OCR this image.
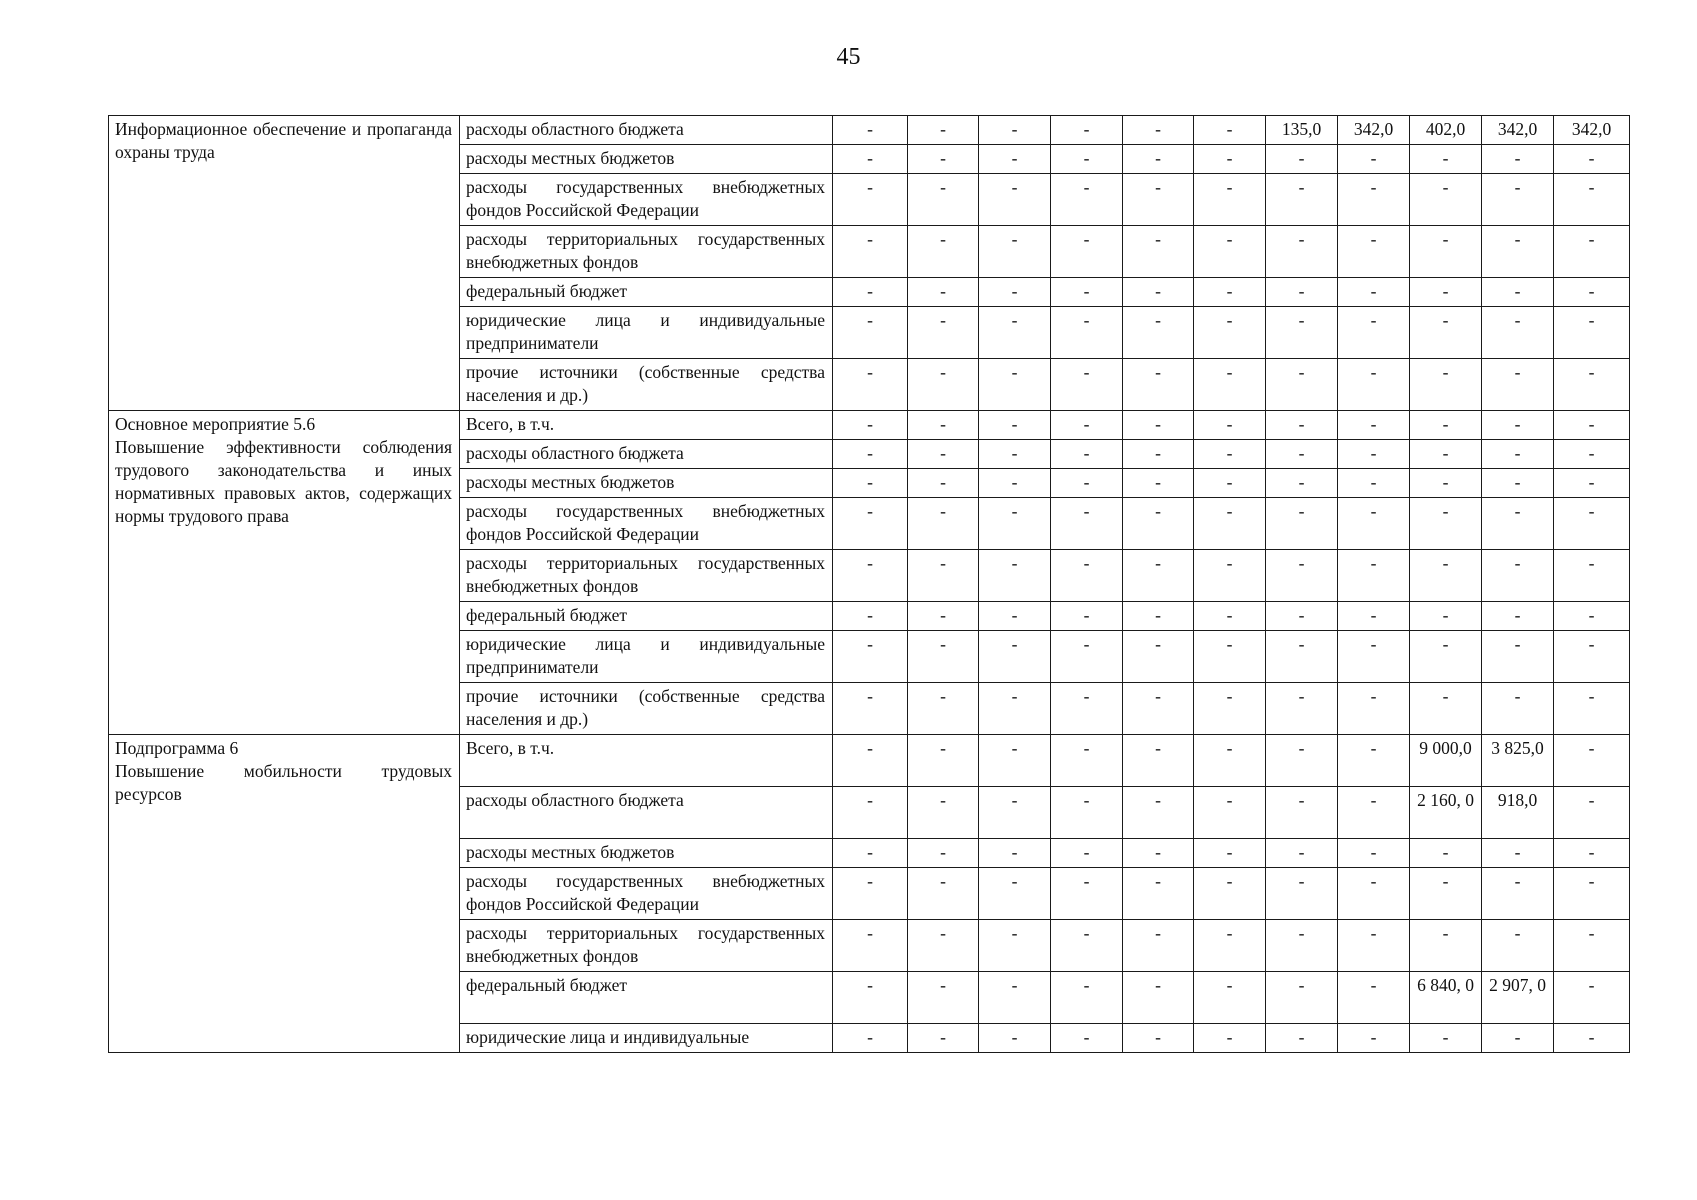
45
Информационное обеспечение и пропаганда охраны труда	расходы областного бюджета	-	-	-	-	-	-	135,0	342,0	402,0	342,0	342,0
	расходы местных бюджетов	-	-	-	-	-	-	-	-	-	-	-
	расходы государственных внебюджетных фондов Российской Федерации	-	-	-	-	-	-	-	-	-	-	-
	расходы территориальных государственных внебюджетных фондов	-	-	-	-	-	-	-	-	-	-	-
	федеральный бюджет	-	-	-	-	-	-	-	-	-	-	-
	юридические лица и индивидуальные предприниматели	-	-	-	-	-	-	-	-	-	-	-
	прочие источники (собственные средства населения и др.)	-	-	-	-	-	-	-	-	-	-	-

Основное мероприятие 5.6
Повышение эффективности соблюдения трудового законодательства и иных нормативных правовых актов, содержащих нормы трудового права	Всего, в т.ч.	-	-	-	-	-	-	-	-	-	-	-
	расходы областного бюджета	-	-	-	-	-	-	-	-	-	-	-
	расходы местных бюджетов	-	-	-	-	-	-	-	-	-	-	-
	расходы государственных внебюджетных фондов Российской Федерации	-	-	-	-	-	-	-	-	-	-	-
	расходы территориальных государственных внебюджетных фондов	-	-	-	-	-	-	-	-	-	-	-
	федеральный бюджет	-	-	-	-	-	-	-	-	-	-	-
	юридические лица и индивидуальные предприниматели	-	-	-	-	-	-	-	-	-	-	-
	прочие источники (собственные средства населения и др.)	-	-	-	-	-	-	-	-	-	-	-

Подпрограмма 6
Повышение мобильности трудовых ресурсов	Всего, в т.ч.	-	-	-	-	-	-	-	-	9 000,0	3 825,0	-
	расходы областного бюджета	-	-	-	-	-	-	-	-	2 160, 0	918,0	-
	расходы местных бюджетов	-	-	-	-	-	-	-	-	-	-	-
	расходы государственных внебюджетных фондов Российской Федерации	-	-	-	-	-	-	-	-	-	-	-
	расходы территориальных государственных внебюджетных фондов	-	-	-	-	-	-	-	-	-	-	-
	федеральный бюджет	-	-	-	-	-	-	-	-	6 840, 0	2 907, 0	-
	юридические лица и индивидуальные	-	-	-	-	-	-	-	-	-	-	-
